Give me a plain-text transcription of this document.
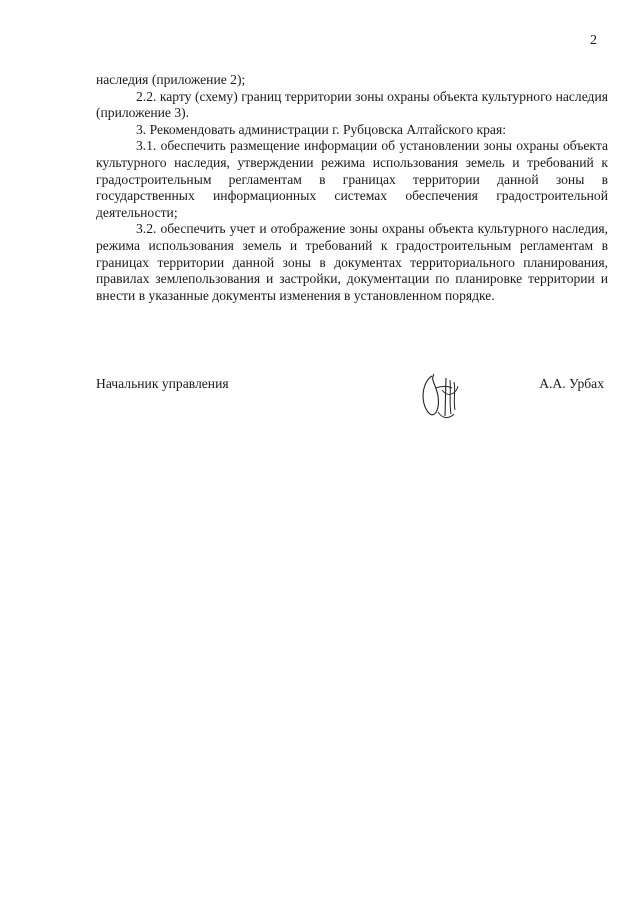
2

наследия (приложение 2);

2.2. карту (схему) границ территории зоны охраны объекта культурного наследия (приложение 3).

3. Рекомендовать администрации г. Рубцовска Алтайского края:

3.1. обеспечить размещение информации об установлении зоны охраны объекта культурного наследия, утверждении режима использования земель и требований к градостроительным регламентам в границах территории данной зоны в государственных информационных системах обеспечения градостроительной деятельности;

3.2. обеспечить учет и отображение зоны охраны объекта культурного наследия, режима использования земель и требований к градостроительным регламентам в границах территории данной зоны в документах территориального планирования, правилах землепользования и застройки, документации по планировке территории и внести в указанные документы изменения в установленном порядке.

Начальник управления	А.А. Урбах
